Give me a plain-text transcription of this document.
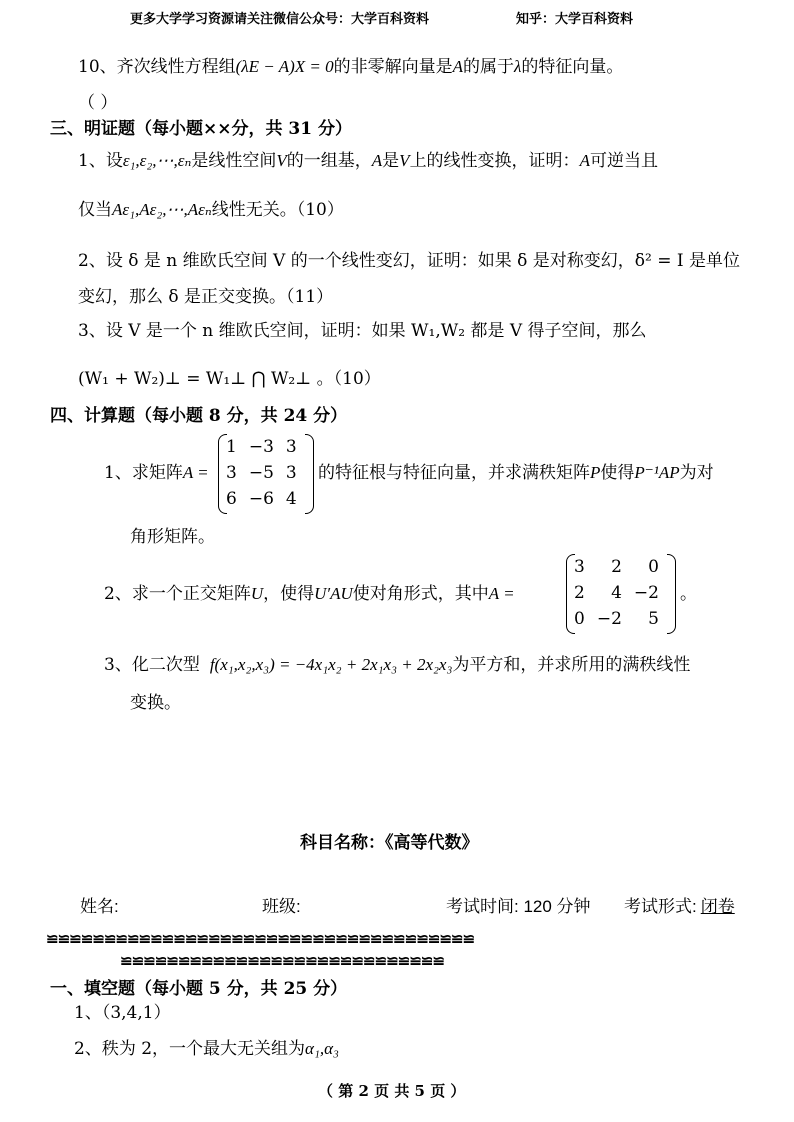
更多大学学习资源请关注微信公众号：大学百科资料	知乎：大学百科资料
10、齐次线性方程组(λE − A)X = 0的非零解向量是A的属于λ的特征向量。
（ ）
三、明证题（每小题××分，共 31 分）
1、设ε₁,ε₂,⋯,εₙ是线性空间V的一组基，A是V上的线性变换，证明：A可逆当且
仅当Aε₁,Aε₂,⋯,Aεₙ线性无关。（10）
2、设 δ 是 n 维欧氏空间 V 的一个线性变幻，证明：如果 δ 是对称变幻，δ² = I 是单位
变幻，那么 δ 是正交变换。（11）
3、设 V 是一个 n 维欧氏空间，证明：如果 W₁,W₂ 都是 V 得子空间，那么
(W₁ + W₂)⊥ = W₁⊥ ⋂ W₂⊥ 。（10）
四、计算题（每小题 8 分，共 24 分）
1、求矩阵A =
1	−3	3
3	−5	3
6	−6	4
的特征根与特征向量，并求满秩矩阵P使得P⁻¹AP为对
角形矩阵。
2、求一个正交矩阵U，使得U′AU使对角形式，其中A =
3	2	0
2	4	−2
0	−2	5
。
3、化二次型 f(x₁,x₂,x₃) = −4x₁x₂ + 2x₁x₃ + 2x₂x₃为平方和，并求所用的满秩线性
变换。
科目名称：《高等代数》
姓名:	班级:	考试时间: 120 分钟 考试形式: 闭卷
≌≌≌≌≌≌≌≌≌≌≌≌≌≌≌≌≌≌≌≌≌≌≌≌≌≌≌≌≌≌≌≌≌≌≌≌≌
≌≌≌≌≌≌≌≌≌≌≌≌≌≌≌≌≌≌≌≌≌≌≌≌≌≌≌≌
一、填空题（每小题 5 分，共 25 分）
1、（3,4,1）
2、秩为 2，一个最大无关组为α₁,α₃
（ 第 2 页 共 5 页 ）
